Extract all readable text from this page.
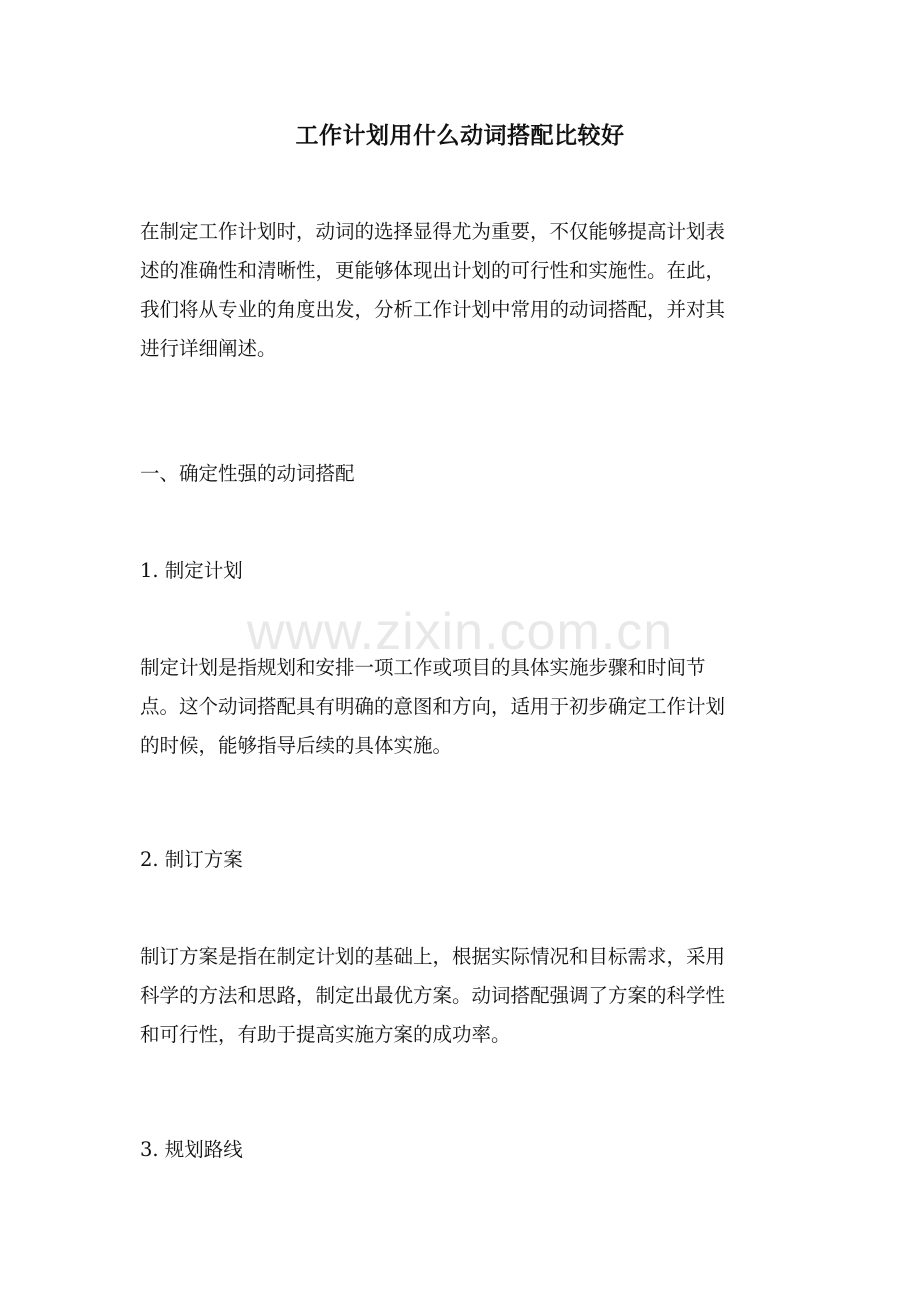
工作计划用什么动词搭配比较好
在制定工作计划时，动词的选择显得尤为重要，不仅能够提高计划表
述的准确性和清晰性，更能够体现出计划的可行性和实施性。在此，
我们将从专业的角度出发，分析工作计划中常用的动词搭配，并对其
进行详细阐述。
一、确定性强的动词搭配
1. 制定计划
制定计划是指规划和安排一项工作或项目的具体实施步骤和时间节
点。这个动词搭配具有明确的意图和方向，适用于初步确定工作计划
的时候，能够指导后续的具体实施。
2. 制订方案
制订方案是指在制定计划的基础上，根据实际情况和目标需求，采用
科学的方法和思路，制定出最优方案。动词搭配强调了方案的科学性
和可行性，有助于提高实施方案的成功率。
3. 规划路线
www.zixin.com.cn
